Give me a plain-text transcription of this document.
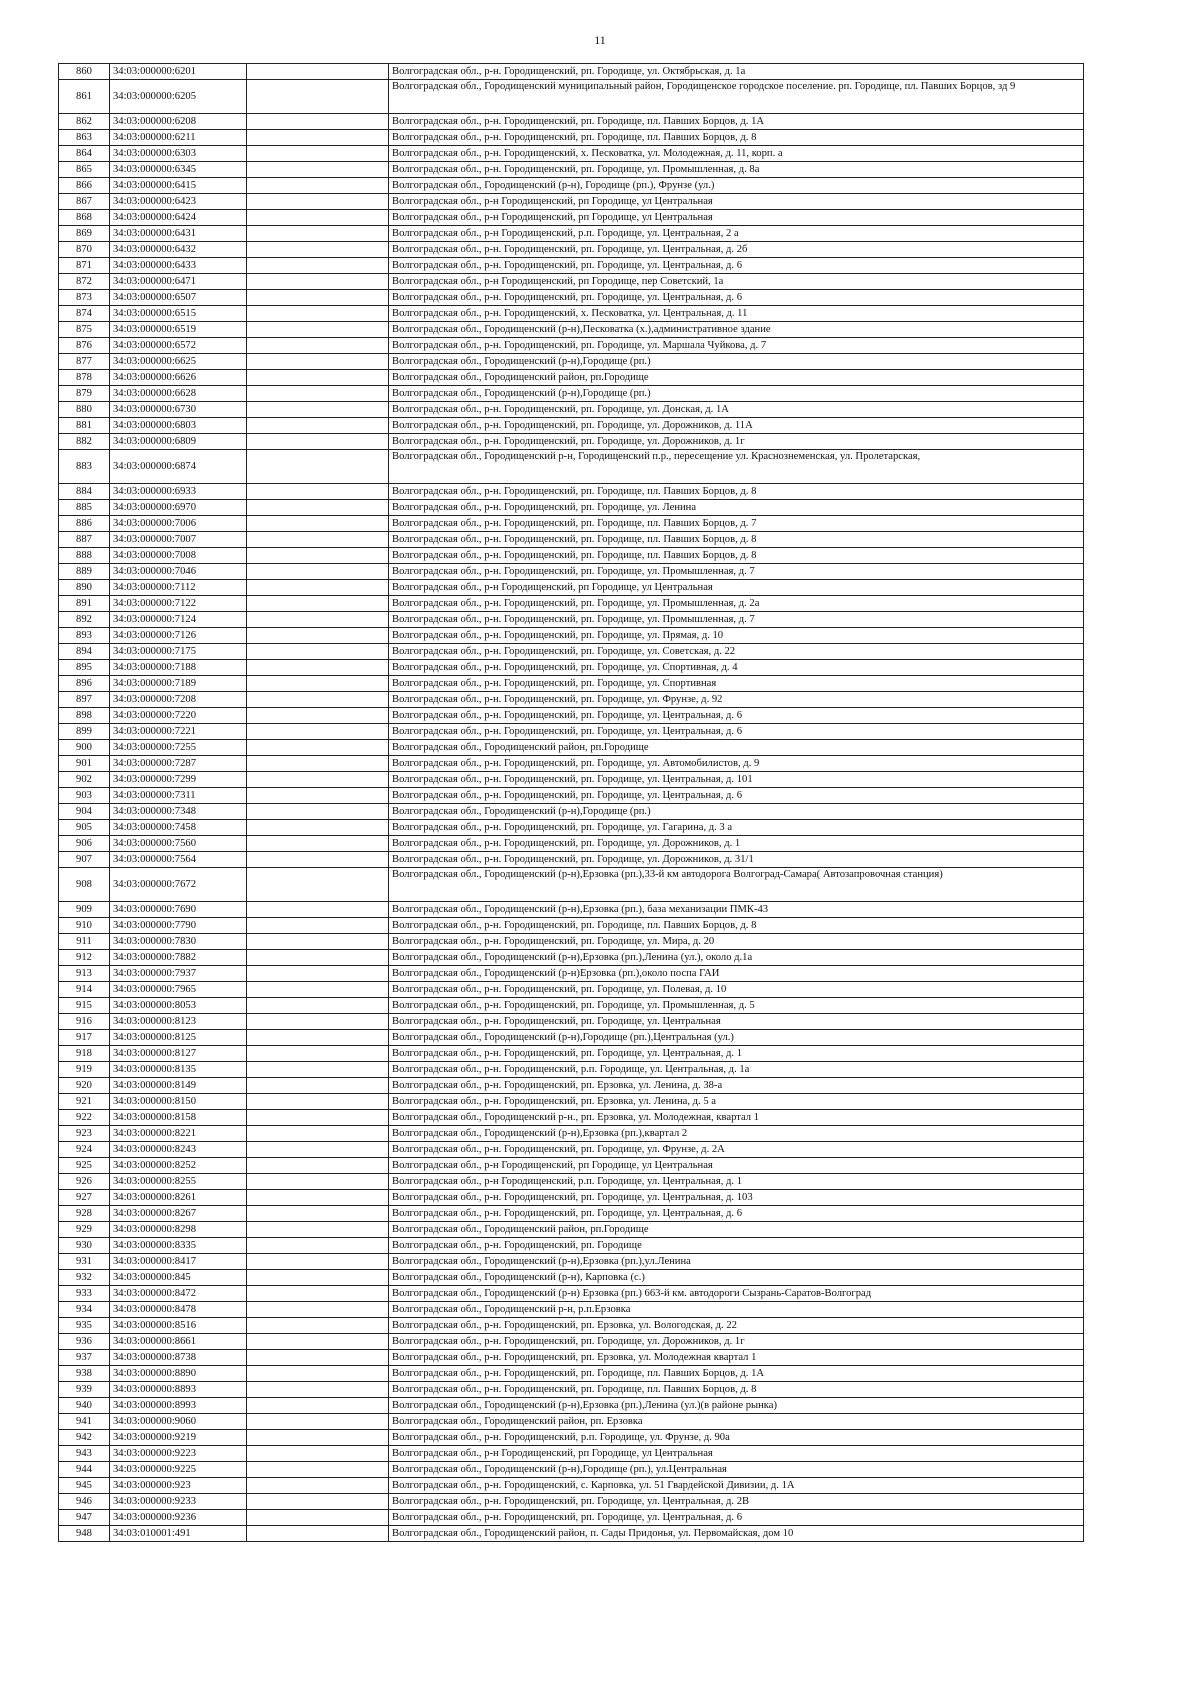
11
860	34:03:000000:6201		Волгоградская обл., р-н. Городищенский, рп. Городище, ул. Октябрьская, д. 1а
861	34:03:000000:6205		Волгоградская обл., Городищенский муниципальный район, Городищенское городское поселение. рп. Городище, пл. Павших Борцов, зд 9
862	34:03:000000:6208		Волгоградская обл., р-н. Городищенский, рп. Городище, пл. Павших Борцов, д. 1А
863	34:03:000000:6211		Волгоградская обл., р-н. Городищенский, рп. Городище, пл. Павших Борцов, д. 8
864	34:03:000000:6303		Волгоградская обл., р-н. Городищенский, х. Песковатка, ул. Молодежная, д. 11, корп. а
865	34:03:000000:6345		Волгоградская обл., р-н. Городищенский, рп. Городище, ул. Промышленная, д. 8а
866	34:03:000000:6415		Волгоградская обл., Городищенский (р-н), Городище (рп.), Фрунзе (ул.)
867	34:03:000000:6423		Волгоградская обл., р-н Городищенский, рп Городище, ул Центральная
868	34:03:000000:6424		Волгоградская обл., р-н Городищенский, рп Городище, ул Центральная
869	34:03:000000:6431		Волгоградская обл., р-н Городищенский, р.п. Городище, ул. Центральная, 2 а
870	34:03:000000:6432		Волгоградская обл., р-н. Городищенский, рп. Городище, ул. Центральная, д. 2б
871	34:03:000000:6433		Волгоградская обл., р-н. Городищенский, рп. Городище, ул. Центральная, д. 6
872	34:03:000000:6471		Волгоградская обл., р-н Городищенский, рп Городище, пер Советский, 1а
873	34:03:000000:6507		Волгоградская обл., р-н. Городищенский, рп. Городище, ул. Центральная, д. 6
874	34:03:000000:6515		Волгоградская обл., р-н. Городищенский, х. Песковатка, ул. Центральная, д. 11
875	34:03:000000:6519		Волгоградская обл., Городищенский (р-н),Песковатка (х.),административное здание
876	34:03:000000:6572		Волгоградская обл., р-н. Городищенский, рп. Городище, ул. Маршала Чуйкова, д. 7
877	34:03:000000:6625		Волгоградская обл., Городищенский (р-н),Городище (рп.)
878	34:03:000000:6626		Волгоградская обл., Городищенский район, рп.Городище
879	34:03:000000:6628		Волгоградская обл., Городищенский (р-н),Городище (рп.)
880	34:03:000000:6730		Волгоградская обл., р-н. Городищенский, рп. Городище, ул. Донская, д. 1А
881	34:03:000000:6803		Волгоградская обл., р-н. Городищенский, рп. Городище, ул. Дорожников, д. 11А
882	34:03:000000:6809		Волгоградская обл., р-н. Городищенский, рп. Городище, ул. Дорожников, д. 1г
883	34:03:000000:6874		Волгоградская обл., Городищенский р-н, Городищенский п.р., пересещение ул. Краснознеменская, ул. Пролетарская,
884	34:03:000000:6933		Волгоградская обл., р-н. Городищенский, рп. Городище, пл. Павших Борцов, д. 8
885	34:03:000000:6970		Волгоградская обл., р-н. Городищенский, рп. Городище, ул. Ленина
886	34:03:000000:7006		Волгоградская обл., р-н. Городищенский, рп. Городище, пл. Павших Борцов, д. 7
887	34:03:000000:7007		Волгоградская обл., р-н. Городищенский, рп. Городище, пл. Павших Борцов, д. 8
888	34:03:000000:7008		Волгоградская обл., р-н. Городищенский, рп. Городище, пл. Павших Борцов, д. 8
889	34:03:000000:7046		Волгоградская обл., р-н. Городищенский, рп. Городище, ул. Промышленная, д. 7
890	34:03:000000:7112		Волгоградская обл., р-н Городищенский, рп Городище, ул Центральная
891	34:03:000000:7122		Волгоградская обл., р-н. Городищенский, рп. Городище, ул. Промышленная, д. 2а
892	34:03:000000:7124		Волгоградская обл., р-н. Городищенский, рп. Городище, ул. Промышленная, д. 7
893	34:03:000000:7126		Волгоградская обл., р-н. Городищенский, рп. Городище, ул. Прямая, д. 10
894	34:03:000000:7175		Волгоградская обл., р-н. Городищенский, рп. Городище, ул. Советская, д. 22
895	34:03:000000:7188		Волгоградская обл., р-н. Городищенский, рп. Городище, ул. Спортивная, д. 4
896	34:03:000000:7189		Волгоградская обл., р-н. Городищенский, рп. Городище, ул. Спортивная
897	34:03:000000:7208		Волгоградская обл., р-н. Городищенский, рп. Городище, ул. Фрунзе, д. 92
898	34:03:000000:7220		Волгоградская обл., р-н. Городищенский, рп. Городище, ул. Центральная, д. 6
899	34:03:000000:7221		Волгоградская обл., р-н. Городищенский, рп. Городище, ул. Центральная, д. 6
900	34:03:000000:7255		Волгоградская обл., Городищенский район, рп.Городище
901	34:03:000000:7287		Волгоградская обл., р-н. Городищенский, рп. Городище, ул. Автомобилистов, д. 9
902	34:03:000000:7299		Волгоградская обл., р-н. Городищенский, рп. Городище, ул. Центральная, д. 101
903	34:03:000000:7311		Волгоградская обл., р-н. Городищенский, рп. Городище, ул. Центральная, д. 6
904	34:03:000000:7348		Волгоградская обл., Городищенский (р-н),Городище (рп.)
905	34:03:000000:7458		Волгоградская обл., р-н. Городищенский, рп. Городище, ул. Гагарина, д. 3 а
906	34:03:000000:7560		Волгоградская обл., р-н. Городищенский, рп. Городище, ул. Дорожников, д. 1
907	34:03:000000:7564		Волгоградская обл., р-н. Городищенский, рп. Городище, ул. Дорожников, д. 31/1
908	34:03:000000:7672		Волгоградская обл., Городищенский (р-н),Ерзовка (рп.),33-й км автодорога Волгоград-Самара( Автозапровочная станция)
909	34:03:000000:7690		Волгоградская обл., Городищенский (р-н),Ерзовка (рп.), база механизации ПМК-43
910	34:03:000000:7790		Волгоградская обл., р-н. Городищенский, рп. Городище, пл. Павших Борцов, д. 8
911	34:03:000000:7830		Волгоградская обл., р-н. Городищенский, рп. Городище, ул. Мира, д. 20
912	34:03:000000:7882		Волгоградская обл., Городищенский (р-н),Ерзовка (рп.),Ленина (ул.), около д.1а
913	34:03:000000:7937		Волгоградская обл., Городищенский (р-н)Ерзовка (рп.),около поспа ГАИ
914	34:03:000000:7965		Волгоградская обл., р-н. Городищенский, рп. Городище, ул. Полевая, д. 10
915	34:03:000000:8053		Волгоградская обл., р-н. Городищенский, рп. Городище, ул. Промышленная, д. 5
916	34:03:000000:8123		Волгоградская обл., р-н. Городищенский, рп. Городище, ул. Центральная
917	34:03:000000:8125		Волгоградская обл., Городищенский (р-н),Городище (рп.),Центральная (ул.)
918	34:03:000000:8127		Волгоградская обл., р-н. Городищенский, рп. Городище, ул. Центральная, д. 1
919	34:03:000000:8135		Волгоградская обл., р-н. Городищенский, р.п. Городище, ул. Центральная, д. 1а
920	34:03:000000:8149		Волгоградская обл., р-н. Городищенский, рп. Ерзовка, ул. Ленина, д. 38-а
921	34:03:000000:8150		Волгоградская обл., р-н. Городищенский, рп. Ерзовка, ул. Ленина, д. 5 а
922	34:03:000000:8158		Волгоградская обл., Городищенский р-н., рп. Ерзовка, ул. Молодежная, квартал 1
923	34:03:000000:8221		Волгоградская обл., Городищенский (р-н),Ерзовка (рп.),квартал 2
924	34:03:000000:8243		Волгоградская обл., р-н. Городищенский, рп. Городище, ул. Фрунзе, д. 2А
925	34:03:000000:8252		Волгоградская обл., р-н Городищенский, рп Городище, ул Центральная
926	34:03:000000:8255		Волгоградская обл., р-н Городищенский, р.п. Городище, ул. Центральная, д. 1
927	34:03:000000:8261		Волгоградская обл., р-н. Городищенский, рп. Городище, ул. Центральная, д. 103
928	34:03:000000:8267		Волгоградская обл., р-н. Городищенский, рп. Городище, ул. Центральная, д. 6
929	34:03:000000:8298		Волгоградская обл., Городищенский район, рп.Городище
930	34:03:000000:8335		Волгоградская обл., р-н. Городищенский, рп. Городище
931	34:03:000000:8417		Волгоградская обл., Городищенский (р-н),Ерзовка (рп.),ул.Ленина
932	34:03:000000:845		Волгоградская обл., Городищенский (р-н), Карповка (с.)
933	34:03:000000:8472		Волгоградская обл., Городищенский (р-н) Ерзовка (рп.) 663-й км. автодороги Сызрань-Саратов-Волгоград
934	34:03:000000:8478		Волгоградская обл., Городищенский р-н, р.п.Ерзовка
935	34:03:000000:8516		Волгоградская обл., р-н. Городищенский, рп. Ерзовка, ул. Вологодская, д. 22
936	34:03:000000:8661		Волгоградская обл., р-н. Городищенский, рп. Городище, ул. Дорожников, д. 1г
937	34:03:000000:8738		Волгоградская обл., р-н. Городищенский, рп. Ерзовка, ул. Молодежная квартал 1
938	34:03:000000:8890		Волгоградская обл., р-н. Городищенский, рп. Городище, пл. Павших Борцов, д. 1А
939	34:03:000000:8893		Волгоградская обл., р-н. Городищенский, рп. Городище, пл. Павших Борцов, д. 8
940	34:03:000000:8993		Волгоградская обл., Городищенский (р-н),Ерзовка (рп.),Ленина (ул.)(в районе рынка)
941	34:03:000000:9060		Волгоградская обл., Городищенский район, рп. Ерзовка
942	34:03:000000:9219		Волгоградская обл., р-н. Городищенский, р.п. Городище, ул. Фрунзе, д. 90а
943	34:03:000000:9223		Волгоградская обл., р-н Городищенский, рп Городище, ул Центральная
944	34:03:000000:9225		Волгоградская обл., Городищенский (р-н),Городище (рп.), ул.Центральная
945	34:03:000000:923		Волгоградская обл., р-н. Городищенский, с. Карповка, ул. 51 Гвардейской Дивизии, д. 1А
946	34:03:000000:9233		Волгоградская обл., р-н. Городищенский, рп. Городище, ул. Центральная, д. 2В
947	34:03:000000:9236		Волгоградская обл., р-н. Городищенский, рп. Городище, ул. Центральная, д. 6
948	34:03:010001:491		Волгоградская обл., Городищенский район, п. Сады Придонья, ул. Первомайская, дом 10
